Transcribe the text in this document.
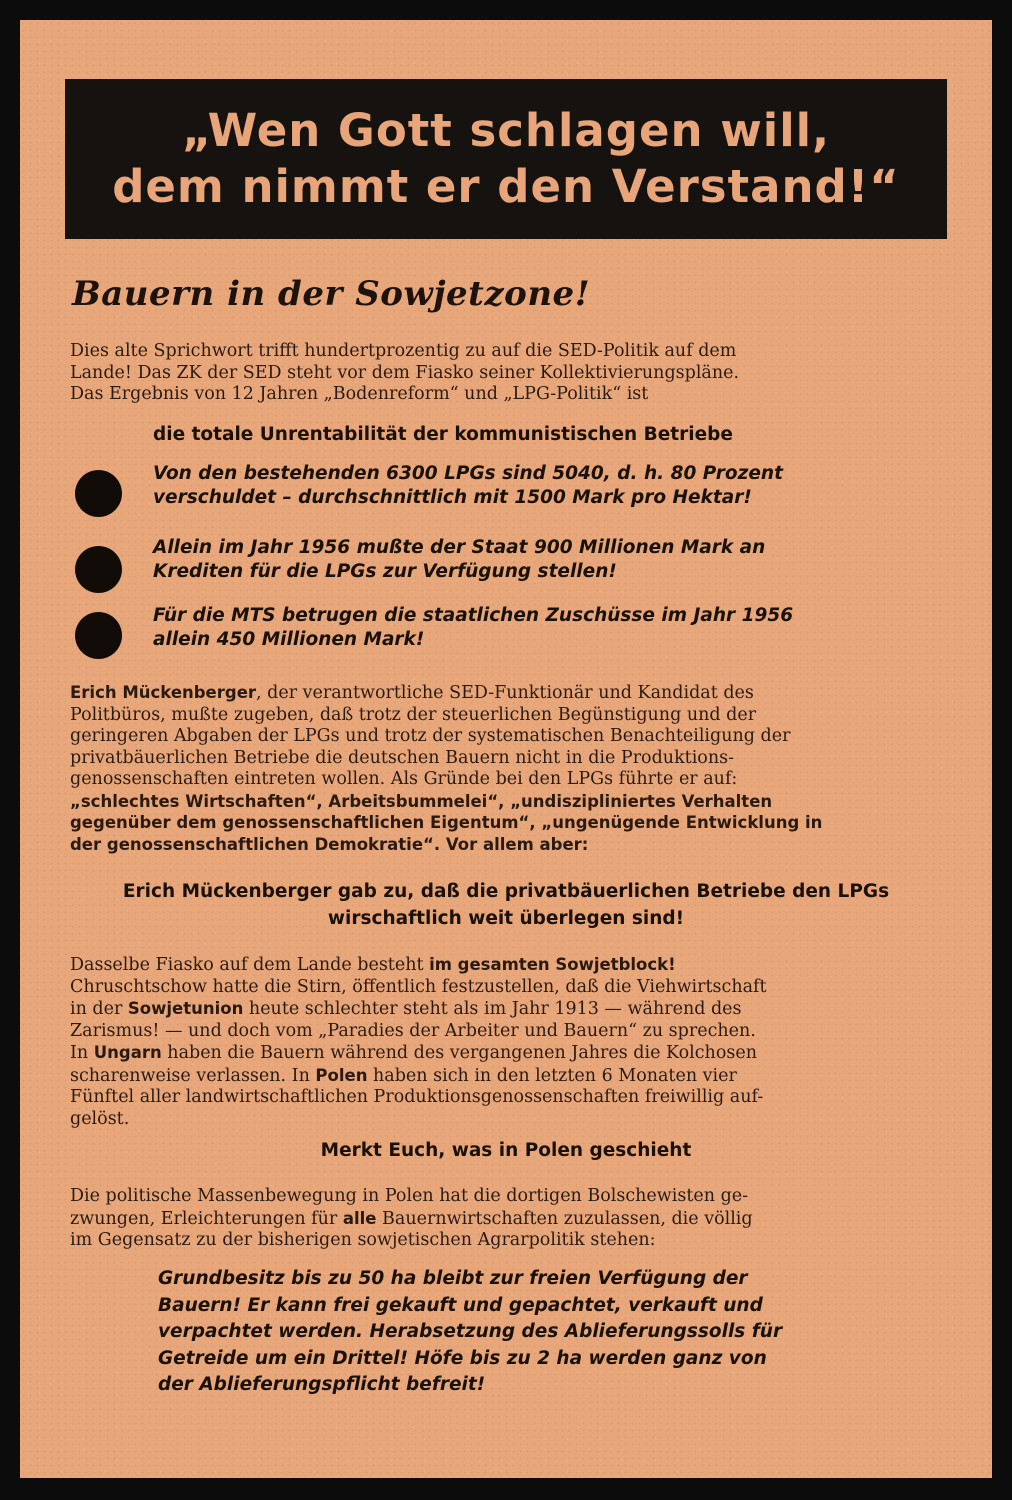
„Wen Gott schlagen will,
dem nimmt er den Verstand!“
Bauern in der Sowjetzone!

Dies alte Sprichwort trifft hundertprozentig zu auf die SED-Politik auf dem
Lande! Das ZK der SED steht vor dem Fiasko seiner Kollektivierungspläne.
Das Ergebnis von 12 Jahren „Bodenreform“ und „LPG-Politik“ ist

die totale Unrentabilität der kommunistischen Betriebe

Von den bestehenden 6300 LPGs sind 5040, d. h. 80 Prozent
verschuldet – durchschnittlich mit 1500 Mark pro Hektar!

Allein im Jahr 1956 mußte der Staat 900 Millionen Mark an
Krediten für die LPGs zur Verfügung stellen!

Für die MTS betrugen die staatlichen Zuschüsse im Jahr 1956
allein 450 Millionen Mark!

Erich Mückenberger, der verantwortliche SED-Funktionär und Kandidat des
Politbüros, mußte zugeben, daß trotz der steuerlichen Begünstigung und der
geringeren Abgaben der LPGs und trotz der systematischen Benachteiligung der
privatbäuerlichen Betriebe die deutschen Bauern nicht in die Produktions-
genossenschaften eintreten wollen. Als Gründe bei den LPGs führte er auf:
„schlechtes Wirtschaften“, Arbeitsbummelei“, „undiszipliniertes Verhalten
gegenüber dem genossenschaftlichen Eigentum“, „ungenügende Entwicklung in
der genossenschaftlichen Demokratie“. Vor allem aber:

Erich Mückenberger gab zu, daß die privatbäuerlichen Betriebe den LPGs
wirschaftlich weit überlegen sind!

Dasselbe Fiasko auf dem Lande besteht im gesamten Sowjetblock!
Chruschtschow hatte die Stirn, öffentlich festzustellen, daß die Viehwirtschaft
in der Sowjetunion heute schlechter steht als im Jahr 1913 — während des
Zarismus! — und doch vom „Paradies der Arbeiter und Bauern“ zu sprechen.
In Ungarn haben die Bauern während des vergangenen Jahres die Kolchosen
scharenweise verlassen. In Polen haben sich in den letzten 6 Monaten vier
Fünftel aller landwirtschaftlichen Produktionsgenossenschaften freiwillig auf-
gelöst.

Merkt Euch, was in Polen geschieht

Die politische Massenbewegung in Polen hat die dortigen Bolschewisten ge-
zwungen, Erleichterungen für alle Bauernwirtschaften zuzulassen, die völlig
im Gegensatz zu der bisherigen sowjetischen Agrarpolitik stehen:

Grundbesitz bis zu 50 ha bleibt zur freien Verfügung der
Bauern! Er kann frei gekauft und gepachtet, verkauft und
verpachtet werden. Herabsetzung des Ablieferungssolls für
Getreide um ein Drittel! Höfe bis zu 2 ha werden ganz von
der Ablieferungspflicht befreit!
